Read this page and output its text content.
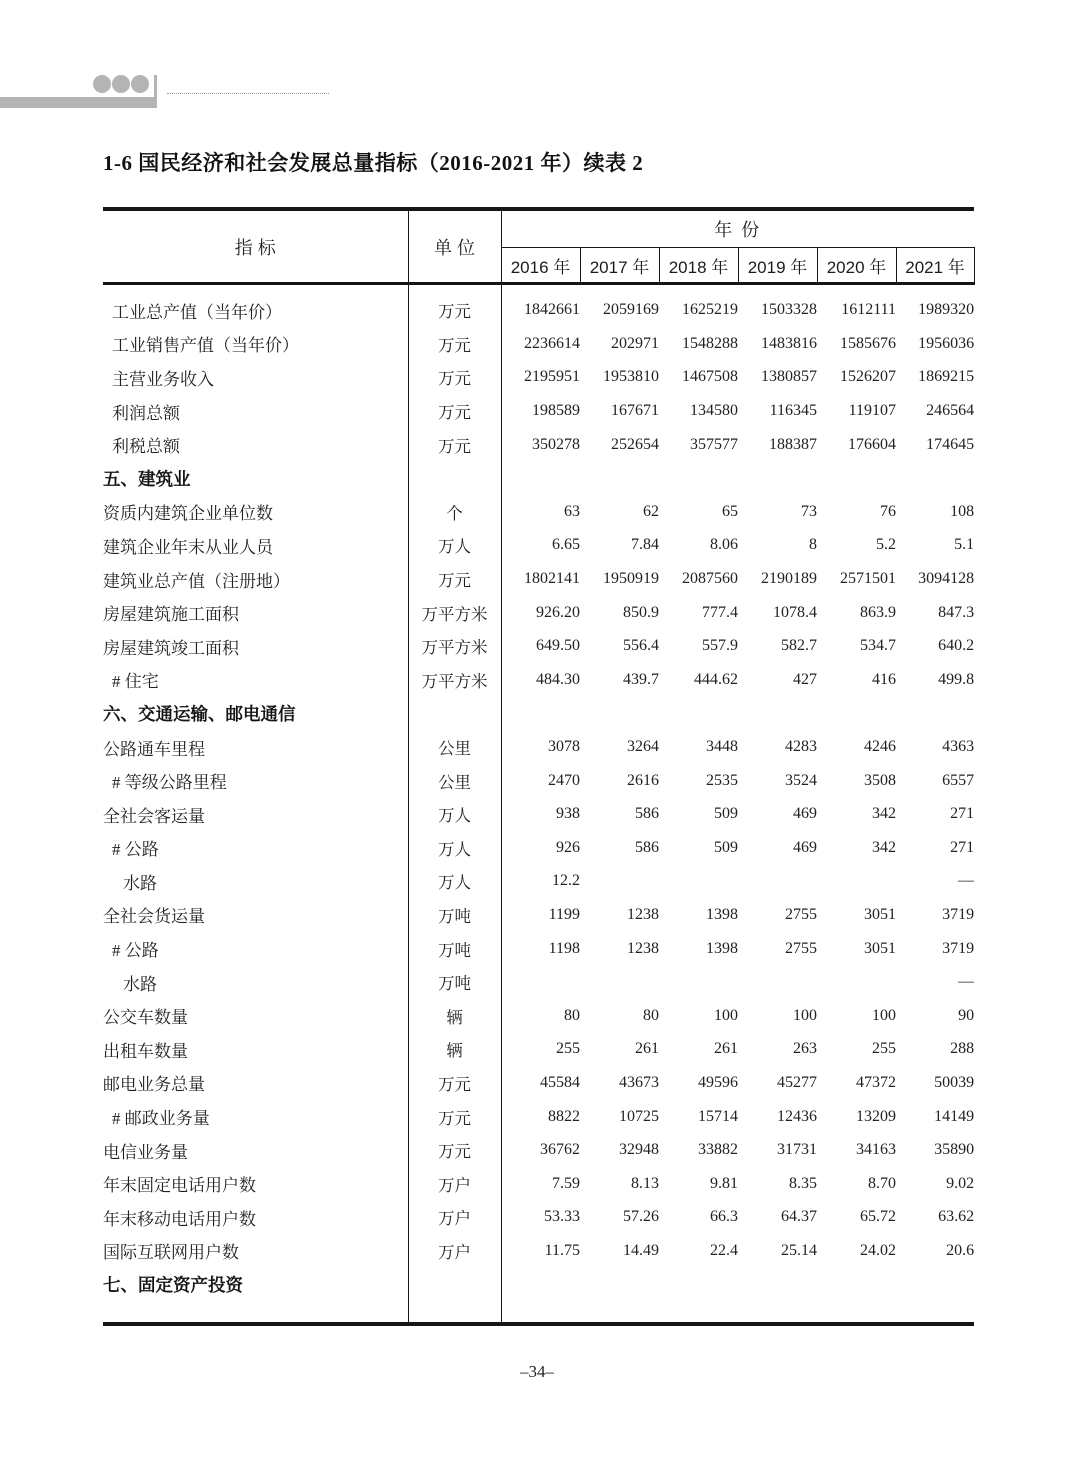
1-6 国民经济和社会发展总量指标（2016-2021 年）续表 2
指 标	单 位	年 份					
		2016 年	2017 年	2018 年	2019 年	2020 年	2021 年

工业总产值（当年价）	万元	1842661	2059169	1625219	1503328	1612111	1989320
工业销售产值（当年价）	万元	2236614	202971	1548288	1483816	1585676	1956036
主营业务收入	万元	2195951	1953810	1467508	1380857	1526207	1869215
利润总额	万元	198589	167671	134580	116345	119107	246564
利税总额	万元	350278	252654	357577	188387	176604	174645
五、建筑业							
资质内建筑企业单位数	个	63	62	65	73	76	108
建筑企业年末从业人员	万人	6.65	7.84	8.06	8	5.2	5.1
建筑业总产值（注册地）	万元	1802141	1950919	2087560	2190189	2571501	3094128
房屋建筑施工面积	万平方米	926.20	850.9	777.4	1078.4	863.9	847.3
房屋建筑竣工面积	万平方米	649.50	556.4	557.9	582.7	534.7	640.2
# 住宅	万平方米	484.30	439.7	444.62	427	416	499.8
六、交通运输、邮电通信							
公路通车里程	公里	3078	3264	3448	4283	4246	4363
# 等级公路里程	公里	2470	2616	2535	3524	3508	6557
全社会客运量	万人	938	586	509	469	342	271
# 公路	万人	926	586	509	469	342	271
水路	万人	12.2					—
全社会货运量	万吨	1199	1238	1398	2755	3051	3719
# 公路	万吨	1198	1238	1398	2755	3051	3719
水路	万吨						—
公交车数量	辆	80	80	100	100	100	90
出租车数量	辆	255	261	261	263	255	288
邮电业务总量	万元	45584	43673	49596	45277	47372	50039
# 邮政业务量	万元	8822	10725	15714	12436	13209	14149
电信业务量	万元	36762	32948	33882	31731	34163	35890
年末固定电话用户数	万户	7.59	8.13	9.81	8.35	8.70	9.02
年末移动电话用户数	万户	53.33	57.26	66.3	64.37	65.72	63.62
国际互联网用户数	万户	11.75	14.49	22.4	25.14	24.02	20.6
七、固定资产投资							

–34–
